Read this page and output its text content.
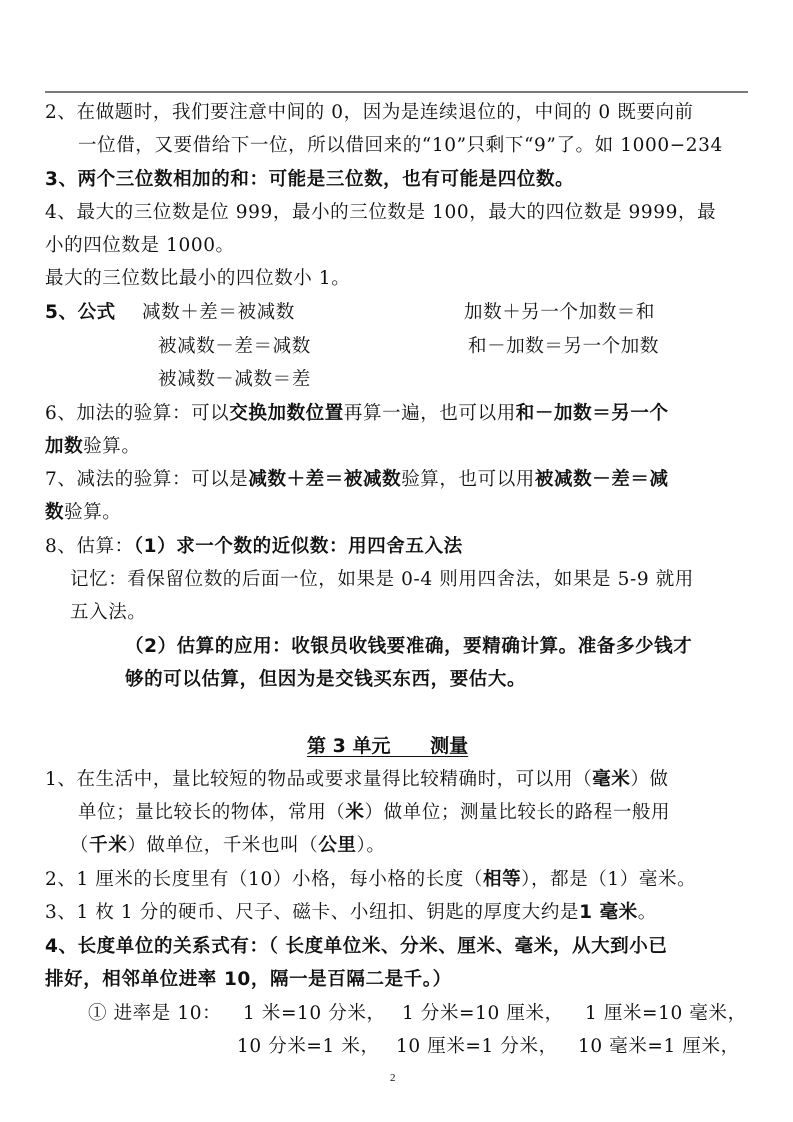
2、在做题时，我们要注意中间的 0，因为是连续退位的，中间的 0 既要向前
一位借，又要借给下一位，所以借回来的“10”只剩下“9”了。如 1000−234
3、两个三位数相加的和：可能是三位数，也有可能是四位数。
4、最大的三位数是位 999，最小的三位数是 100，最大的四位数是 9999，最
小的四位数是 1000。
最大的三位数比最小的四位数小 1。
5、公式 减数＋差＝被减数
被减数－差＝减数
被减数－减数＝差
加数＋另一个加数＝和
和－加数＝另一个加数
6、加法的验算：可以交换加数位置再算一遍，也可以用和－加数＝另一个
加数验算。
7、减法的验算：可以是减数＋差＝被减数验算，也可以用被减数－差＝减
数验算。
8、估算：（1）求一个数的近似数：用四舍五入法
记忆：看保留位数的后面一位，如果是 0-4 则用四舍法，如果是 5-9 就用
五入法。
（2）估算的应用：收银员收钱要准确，要精确计算。准备多少钱才
够的可以估算，但因为是交钱买东西，要估大。
第 3 单元      测量
1、在生活中，量比较短的物品或要求量得比较精确时，可以用（毫米）做
单位；量比较长的物体，常用（米）做单位；测量比较长的路程一般用
（千米）做单位，千米也叫（公里）。
2、1 厘米的长度里有（10）小格，每小格的长度（相等），都是（1）毫米。
3、1 枚 1 分的硬币、尺子、磁卡、小纽扣、钥匙的厚度大约是1 毫米。
4、长度单位的关系式有：（ 长度单位米、分米、厘米、毫米，从大到小已
排好，相邻单位进率 10，隔一是百隔二是千。）
① 进率是 10： 1 米=10 分米， 1 分米=10 厘米， 1 厘米=10 毫米，
10 分米=1 米， 10 厘米=1 分米， 10 毫米=1 厘米，
2
